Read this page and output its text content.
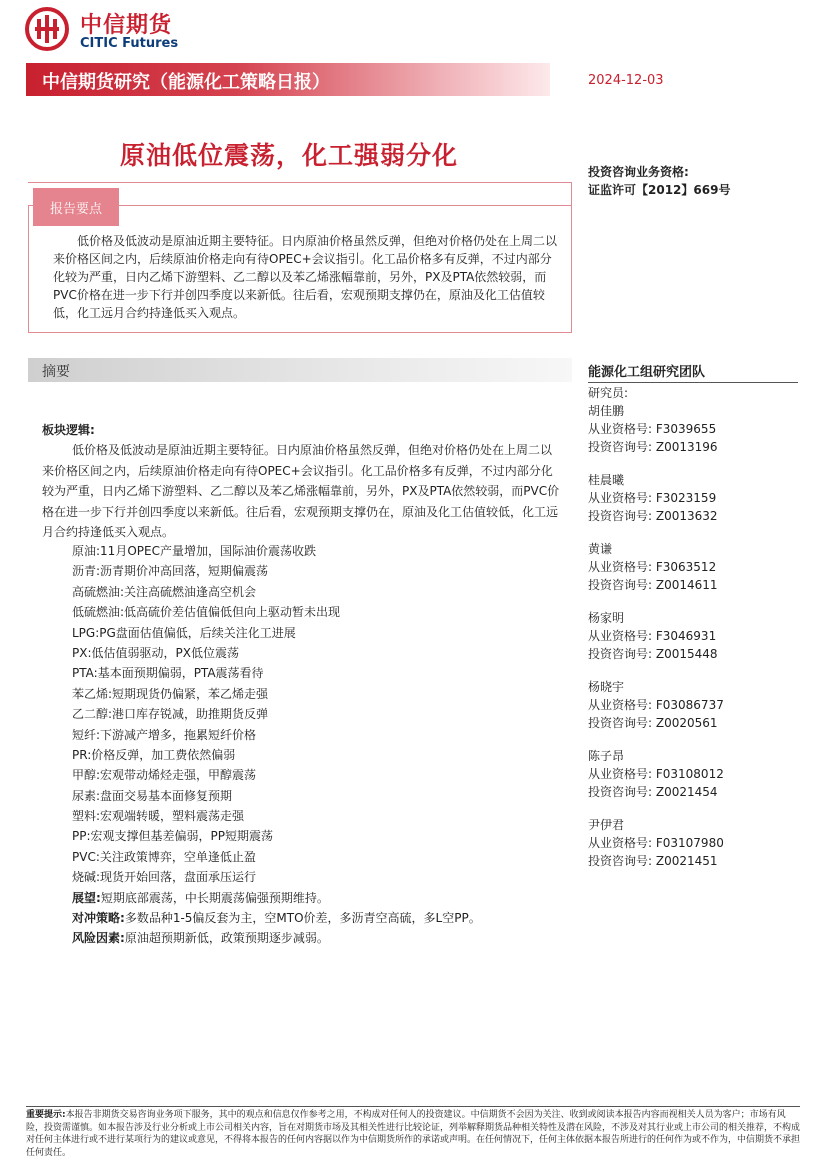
中信期货
CITIC Futures
中信期货研究（能源化工策略日报）	2024-12-03
原油低位震荡，化工强弱分化
投资咨询业务资格:
证监许可【2012】669号
报告要点
低价格及低波动是原油近期主要特征。日内原油价格虽然反弹，但绝对价格仍处在上周二以来价格区间之内，后续原油价格走向有待OPEC+会议指引。化工品价格多有反弹，不过内部分化较为严重，日内乙烯下游塑料、乙二醇以及苯乙烯涨幅靠前，另外，PX及PTA依然较弱，而PVC价格在进一步下行并创四季度以来新低。往后看，宏观预期支撑仍在，原油及化工估值较低，化工远月合约持逢低买入观点。
摘要	能源化工组研究团队
研究员:
胡佳鹏
从业资格号: F3039655
投资咨询号: Z0013196
桂晨曦
从业资格号: F3023159
投资咨询号: Z0013632
黄谦
从业资格号: F3063512
投资咨询号: Z0014611
杨家明
从业资格号: F3046931
投资咨询号: Z0015448
杨晓宇
从业资格号: F03086737
投资咨询号: Z0020561
陈子昂
从业资格号: F03108012
投资咨询号: Z0021454
尹伊君
从业资格号: F03107980
投资咨询号: Z0021451
板块逻辑:
低价格及低波动是原油近期主要特征。日内原油价格虽然反弹，但绝对价格仍处在上周二以来价格区间之内，后续原油价格走向有待OPEC+会议指引。化工品价格多有反弹，不过内部分化较为严重，日内乙烯下游塑料、乙二醇以及苯乙烯涨幅靠前，另外，PX及PTA依然较弱，而PVC价格在进一步下行并创四季度以来新低。往后看，宏观预期支撑仍在，原油及化工估值较低，化工远月合约持逢低买入观点。
原油:11月OPEC产量增加，国际油价震荡收跌
沥青:沥青期价冲高回落，短期偏震荡
高硫燃油:关注高硫燃油逢高空机会
低硫燃油:低高硫价差估值偏低但向上驱动暂未出现
LPG:PG盘面估值偏低，后续关注化工进展
PX:低估值弱驱动，PX低位震荡
PTA:基本面预期偏弱，PTA震荡看待
苯乙烯:短期现货仍偏紧，苯乙烯走强
乙二醇:港口库存锐减，助推期货反弹
短纤:下游减产增多，拖累短纤价格
PR:价格反弹，加工费依然偏弱
甲醇:宏观带动烯烃走强，甲醇震荡
尿素:盘面交易基本面修复预期
塑料:宏观端转暖，塑料震荡走强
PP:宏观支撑但基差偏弱，PP短期震荡
PVC:关注政策博弈，空单逢低止盈
烧碱:现货开始回落，盘面承压运行
展望:短期底部震荡，中长期震荡偏强预期维持。
对冲策略:多数品种1-5偏反套为主，空MTO价差，多沥青空高硫，多L空PP。
风险因素:原油超预期新低，政策预期逐步减弱。
重要提示:本报告非期货交易咨询业务项下服务，其中的观点和信息仅作参考之用，不构成对任何人的投资建议。中信期货不会因为关注、收到或阅读本报告内容而视相关人员为客户；市场有风险，投资需谨慎。如本报告涉及行业分析或上市公司相关内容，旨在对期货市场及其相关性进行比较论证，列举解释期货品种相关特性及潜在风险，不涉及对其行业或上市公司的相关推荐，不构成对任何主体进行或不进行某项行为的建议或意见，不得将本报告的任何内容据以作为中信期货所作的承诺或声明。在任何情况下，任何主体依据本报告所进行的任何作为或不作为，中信期货不承担任何责任。
